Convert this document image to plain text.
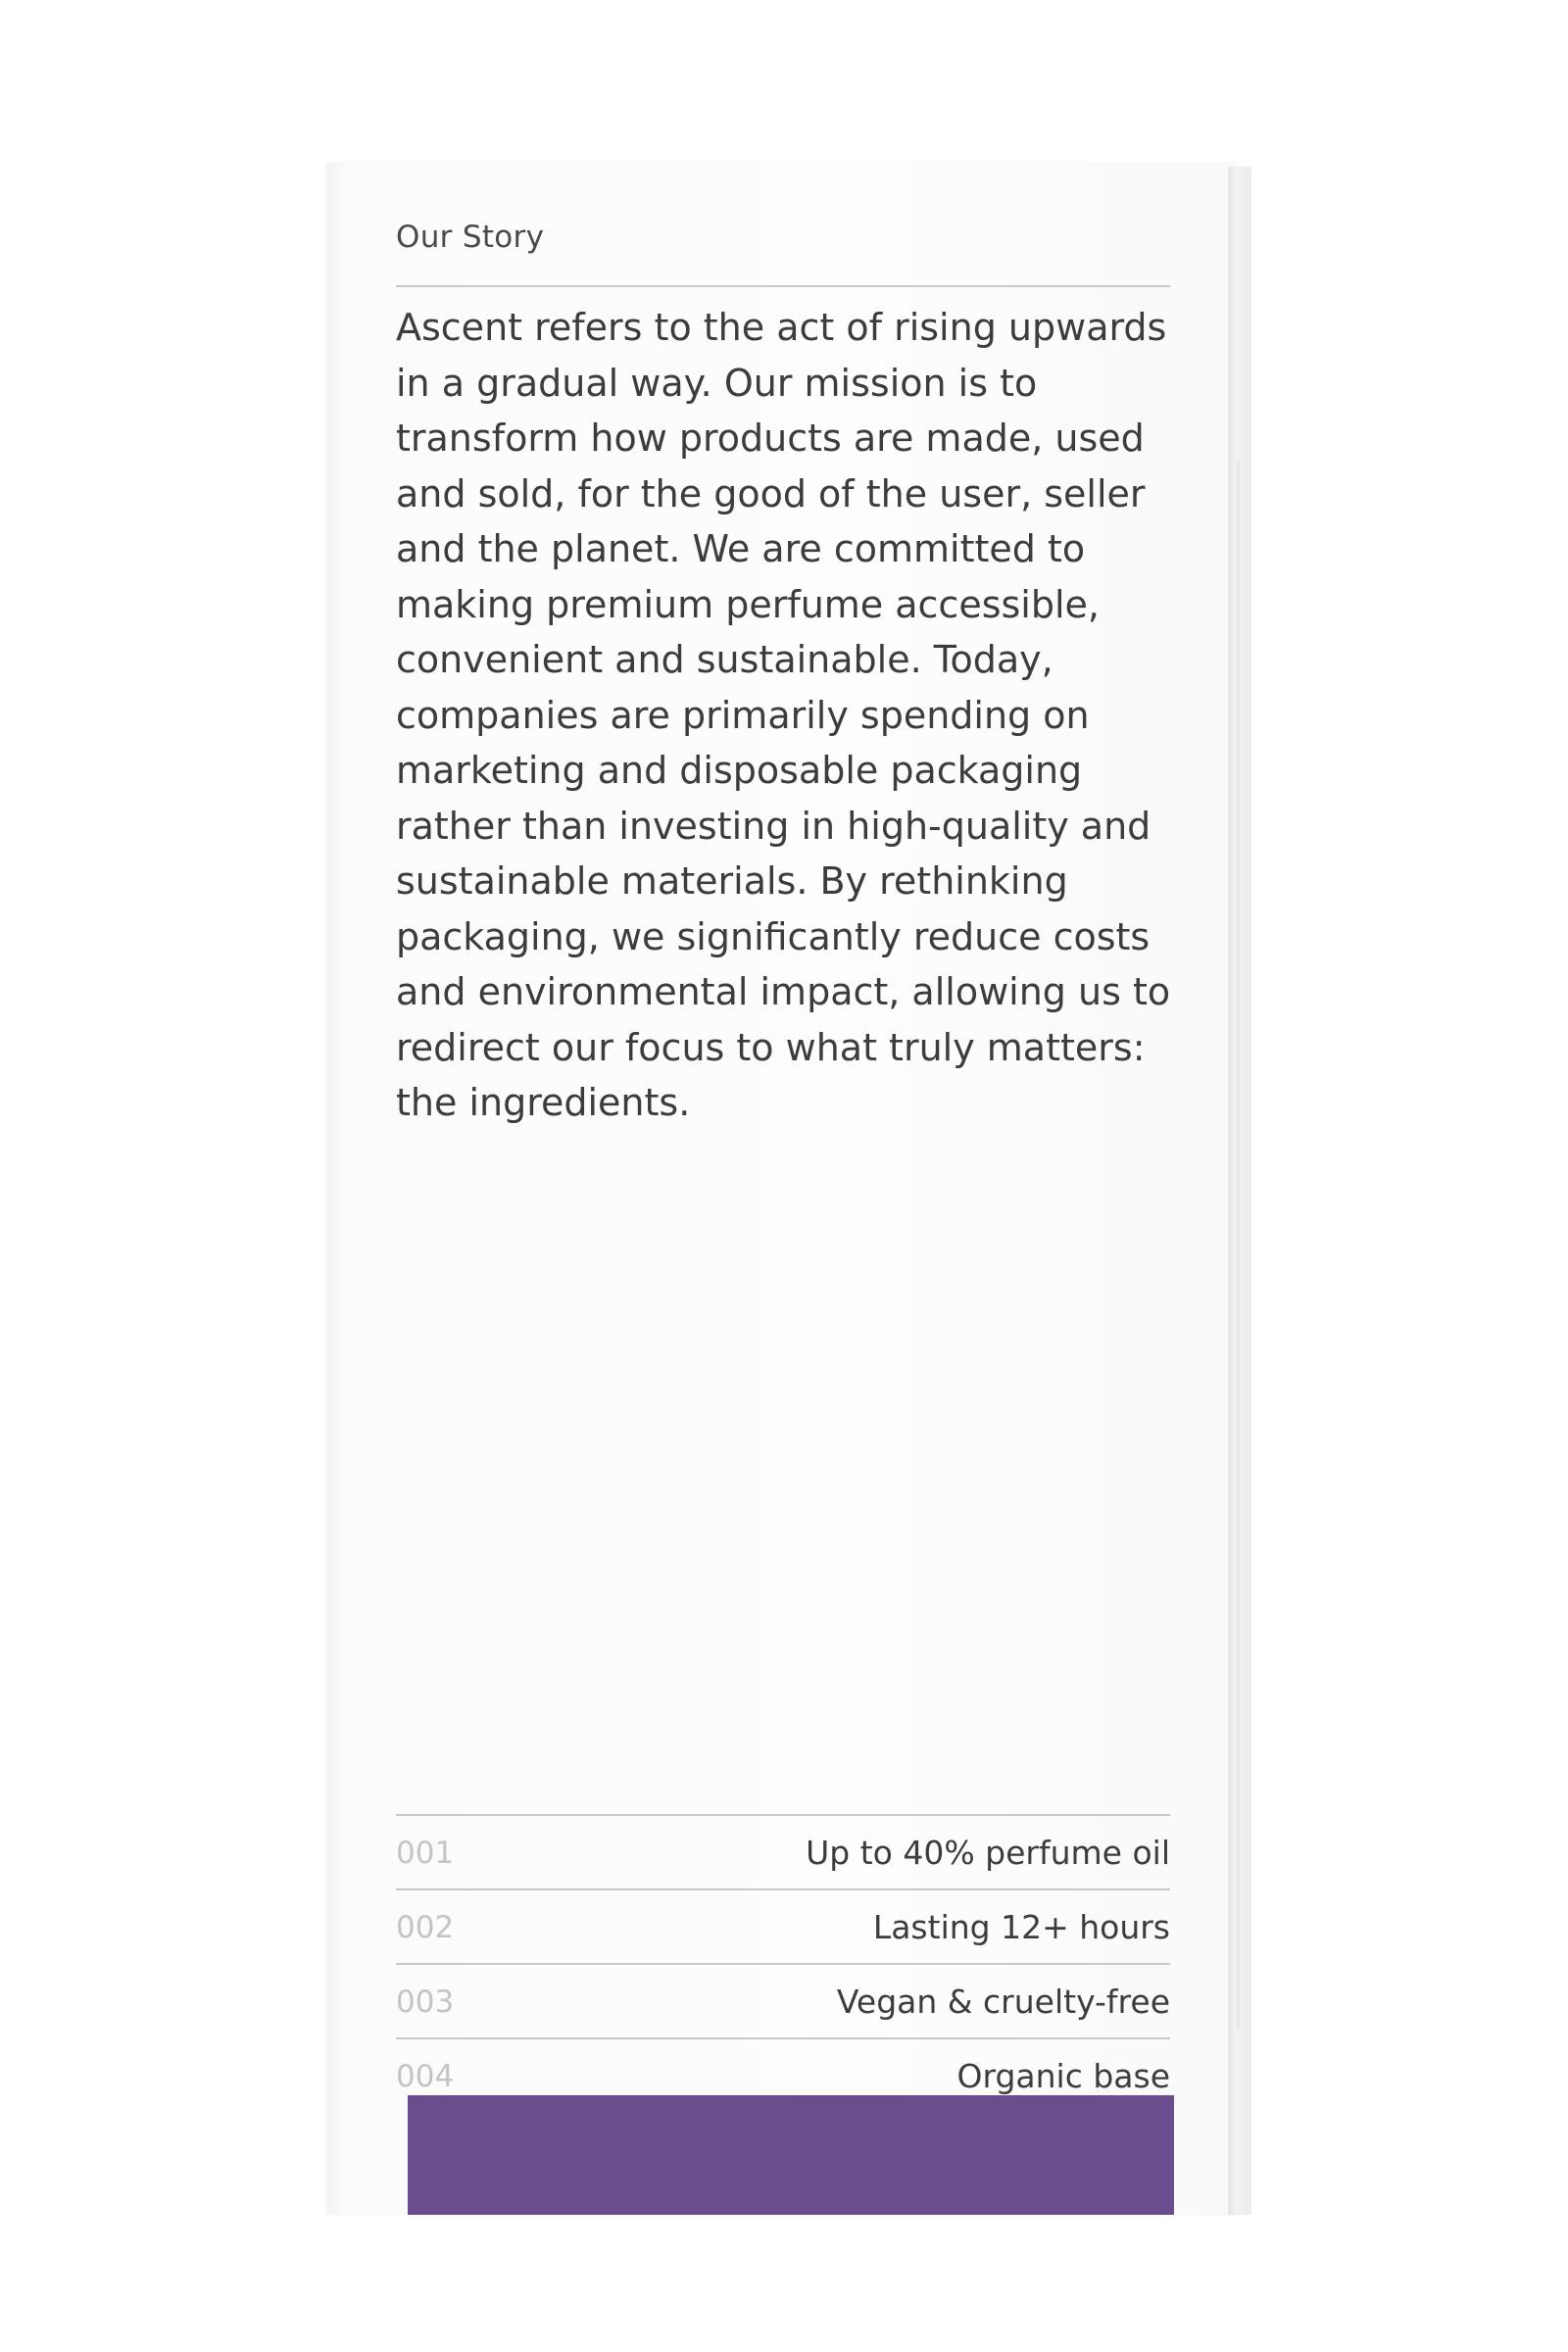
Our Story

Ascent refers to the act of rising upwards
in a gradual way. Our mission is to
transform how products are made, used
and sold, for the good of the user, seller
and the planet. We are committed to
making premium perfume accessible,
convenient and sustainable. Today,
companies are primarily spending on
marketing and disposable packaging
rather than investing in high-quality and
sustainable materials. By rethinking
packaging, we significantly reduce costs
and environmental impact, allowing us to
redirect our focus to what truly matters:
the ingredients.

001	Up to 40% perfume oil
002	Lasting 12+ hours
003	Vegan & cruelty-free
004	Organic base
